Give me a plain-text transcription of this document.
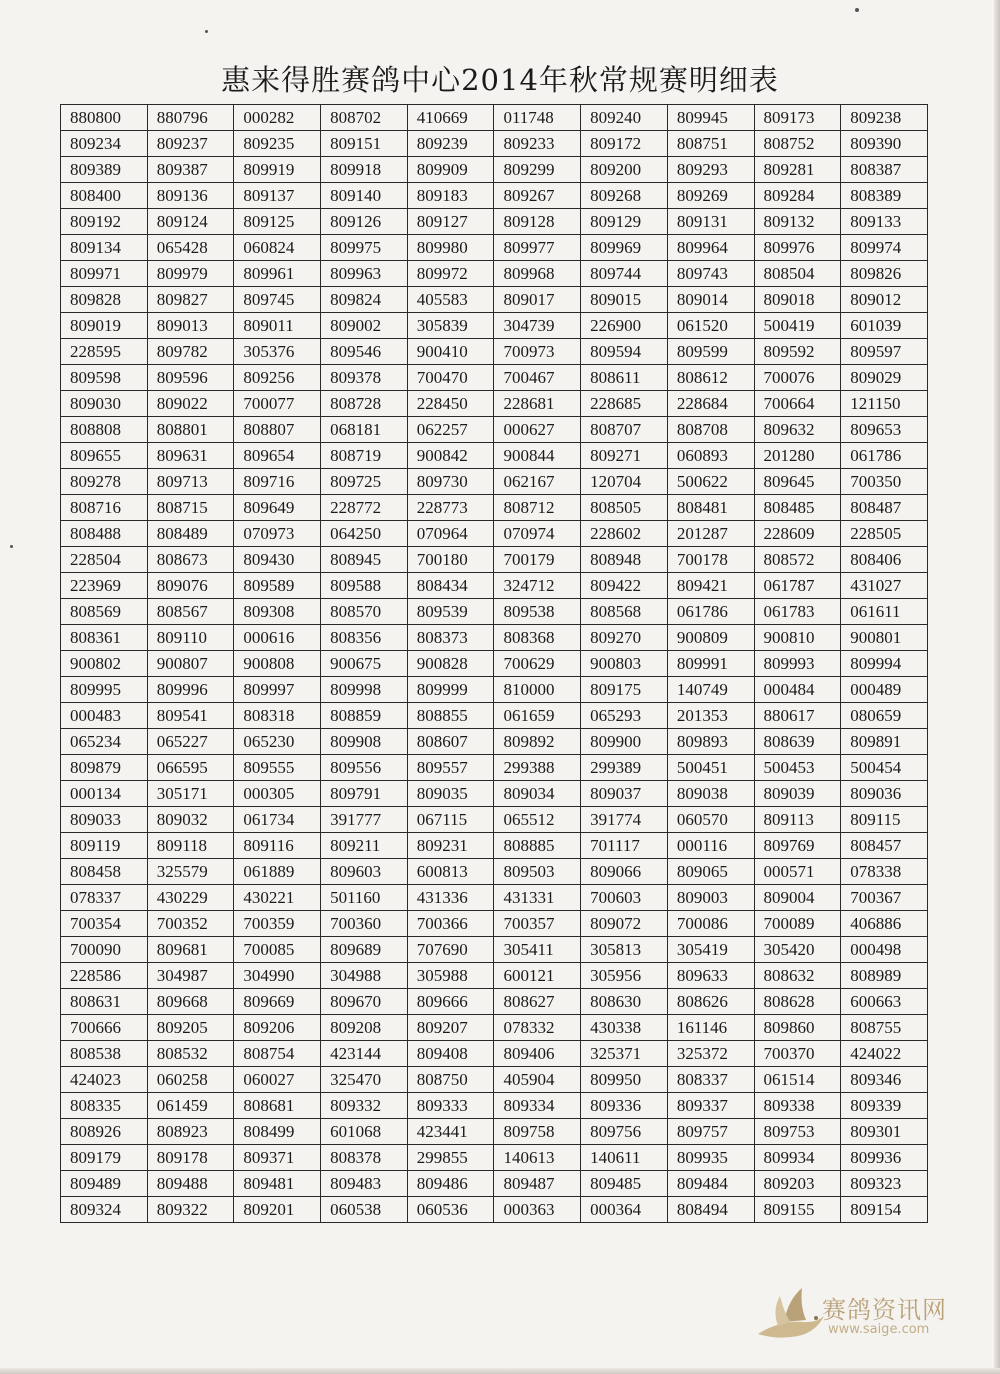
惠来得胜赛鸽中心2014年秋常规赛明细表
880800	880796	000282	808702	410669	011748	809240	809945	809173	809238
809234	809237	809235	809151	809239	809233	809172	808751	808752	809390
809389	809387	809919	809918	809909	809299	809200	809293	809281	808387
808400	809136	809137	809140	809183	809267	809268	809269	809284	808389
809192	809124	809125	809126	809127	809128	809129	809131	809132	809133
809134	065428	060824	809975	809980	809977	809969	809964	809976	809974
809971	809979	809961	809963	809972	809968	809744	809743	808504	809826
809828	809827	809745	809824	405583	809017	809015	809014	809018	809012
809019	809013	809011	809002	305839	304739	226900	061520	500419	601039
228595	809782	305376	809546	900410	700973	809594	809599	809592	809597
809598	809596	809256	809378	700470	700467	808611	808612	700076	809029
809030	809022	700077	808728	228450	228681	228685	228684	700664	121150
808808	808801	808807	068181	062257	000627	808707	808708	809632	809653
809655	809631	809654	808719	900842	900844	809271	060893	201280	061786
809278	809713	809716	809725	809730	062167	120704	500622	809645	700350
808716	808715	809649	228772	228773	808712	808505	808481	808485	808487
808488	808489	070973	064250	070964	070974	228602	201287	228609	228505
228504	808673	809430	808945	700180	700179	808948	700178	808572	808406
223969	809076	809589	809588	808434	324712	809422	809421	061787	431027
808569	808567	809308	808570	809539	809538	808568	061786	061783	061611
808361	809110	000616	808356	808373	808368	809270	900809	900810	900801
900802	900807	900808	900675	900828	700629	900803	809991	809993	809994
809995	809996	809997	809998	809999	810000	809175	140749	000484	000489
000483	809541	808318	808859	808855	061659	065293	201353	880617	080659
065234	065227	065230	809908	808607	809892	809900	809893	808639	809891
809879	066595	809555	809556	809557	299388	299389	500451	500453	500454
000134	305171	000305	809791	809035	809034	809037	809038	809039	809036
809033	809032	061734	391777	067115	065512	391774	060570	809113	809115
809119	809118	809116	809211	809231	808885	701117	000116	809769	808457
808458	325579	061889	809603	600813	809503	809066	809065	000571	078338
078337	430229	430221	501160	431336	431331	700603	809003	809004	700367
700354	700352	700359	700360	700366	700357	809072	700086	700089	406886
700090	809681	700085	809689	707690	305411	305813	305419	305420	000498
228586	304987	304990	304988	305988	600121	305956	809633	808632	808989
808631	809668	809669	809670	809666	808627	808630	808626	808628	600663
700666	809205	809206	809208	809207	078332	430338	161146	809860	808755
808538	808532	808754	423144	809408	809406	325371	325372	700370	424022
424023	060258	060027	325470	808750	405904	809950	808337	061514	809346
808335	061459	808681	809332	809333	809334	809336	809337	809338	809339
808926	808923	808499	601068	423441	809758	809756	809757	809753	809301
809179	809178	809371	808378	299855	140613	140611	809935	809934	809936
809489	809488	809481	809483	809486	809487	809485	809484	809203	809323
809324	809322	809201	060538	060536	000363	000364	808494	809155	809154
赛鸽资讯网
www.saige.com
